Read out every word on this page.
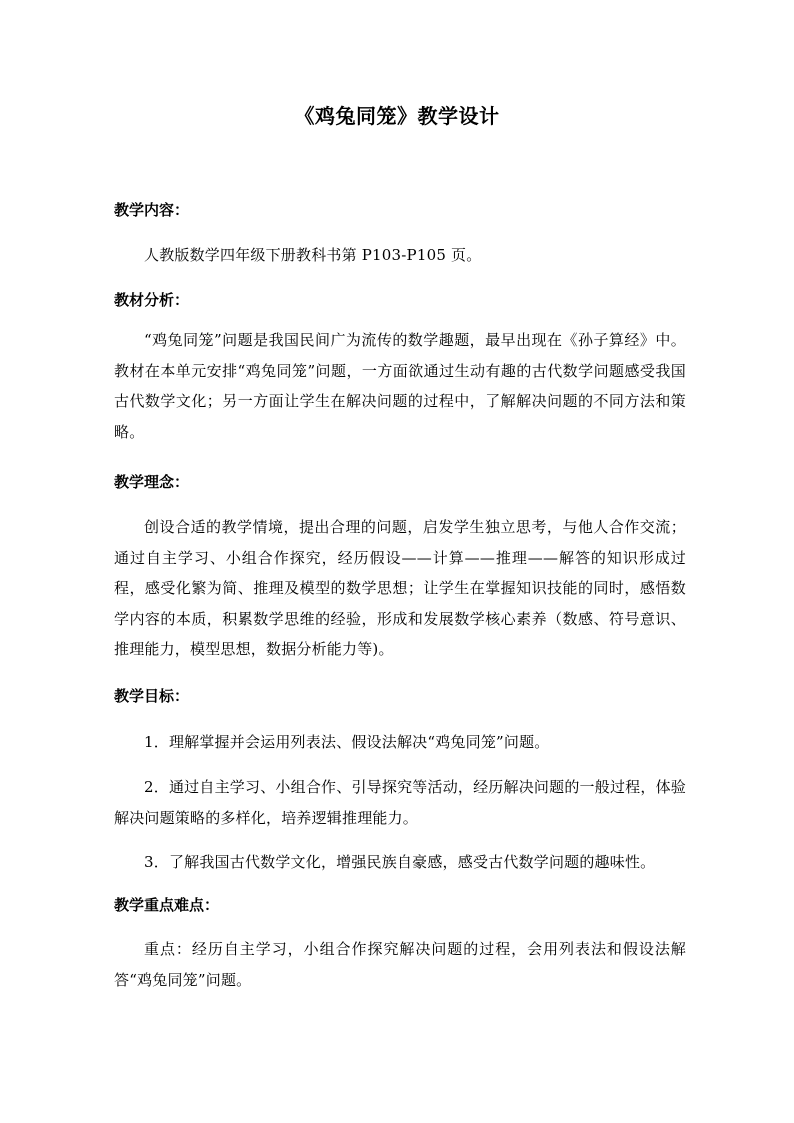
《鸡兔同笼》教学设计
教学内容：
人教版数学四年级下册教科书第 P103-P105 页。
教材分析：
“鸡兔同笼”问题是我国民间广为流传的数学趣题，最早出现在《孙子算经》中。教材在本单元安排“鸡兔同笼”问题，一方面欲通过生动有趣的古代数学问题感受我国古代数学文化；另一方面让学生在解决问题的过程中，了解解决问题的不同方法和策略。
教学理念：
创设合适的教学情境，提出合理的问题，启发学生独立思考，与他人合作交流；通过自主学习、小组合作探究，经历假设——计算——推理——解答的知识形成过程，感受化繁为简、推理及模型的数学思想；让学生在掌握知识技能的同时，感悟数学内容的本质，积累数学思维的经验，形成和发展数学核心素养（数感、符号意识、推理能力，模型思想，数据分析能力等)。
教学目标：
1．理解掌握并会运用列表法、假设法解决“鸡兔同笼”问题。
2．通过自主学习、小组合作、引导探究等活动，经历解决问题的一般过程，体验解决问题策略的多样化，培养逻辑推理能力。
3．了解我国古代数学文化，增强民族自豪感，感受古代数学问题的趣味性。
教学重点难点：
重点：经历自主学习，小组合作探究解决问题的过程，会用列表法和假设法解答“鸡兔同笼”问题。
